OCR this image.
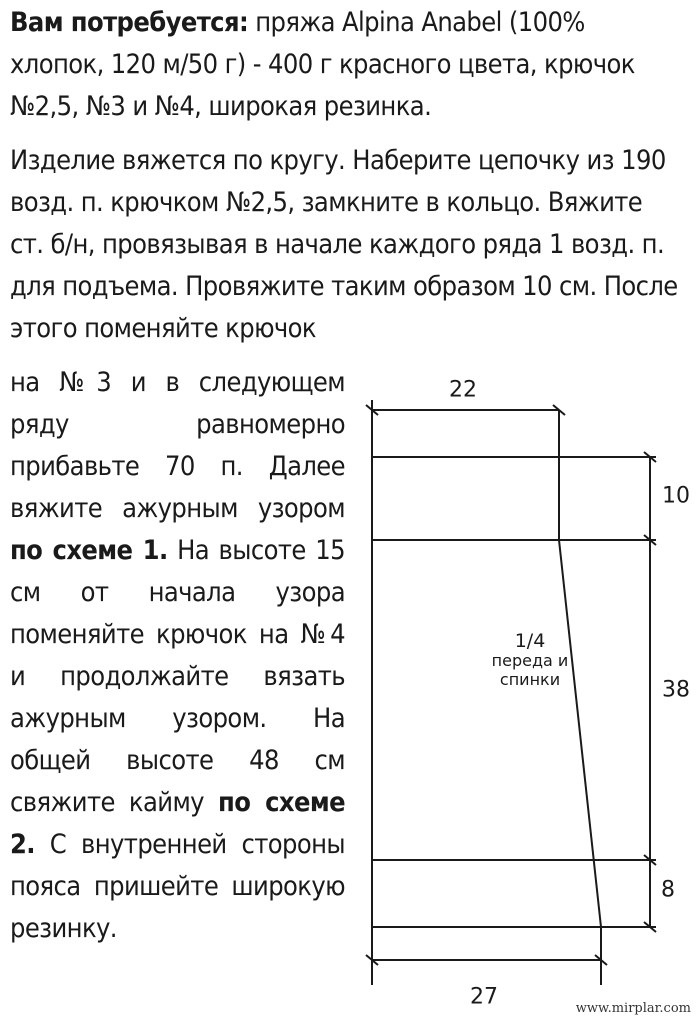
Вам потребуется: пряжа Alpina Anabel (100% хлопок, 120 м/50 г) - 400 г красного цвета, крючок №2,5, №3 и №4, широкая резинка.

Изделие вяжется по кругу. Наберите цепочку из 190 возд. п. крючком №2,5, замкните в кольцо. Вяжите ст. б/н, провязывая в начале каждого ряда 1 возд. п. для подъема. Провяжите таким образом 10 см. После этого поменяйте крючок

на №3 и в следующем ряду равномерно прибавьте 70 п. Далее вяжите ажурным узором по схеме 1. На высоте 15 см от начала узора поменяйте крючок на №4 и продолжайте вязать ажурным узором. На общей высоте 48 см свяжите кайму по схеме 2. С внутренней стороны пояса пришейте широкую резинку.

22
10
38
8
27
1/4
переда и спинки
www.mirplar.com
